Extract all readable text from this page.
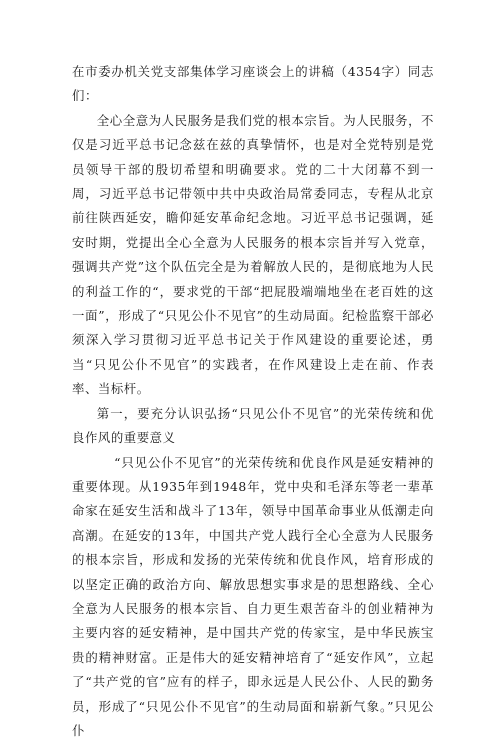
在市委办机关党支部集体学习座谈会上的讲稿（4354字）同志们：

全心全意为人民服务是我们党的根本宗旨。为人民服务，不仅是习近平总书记念兹在兹的真挚情怀，也是对全党特别是党员领导干部的殷切希望和明确要求。党的二十大闭幕不到一周，习近平总书记带领中共中央政治局常委同志，专程从北京前往陕西延安，瞻仰延安革命纪念地。习近平总书记强调，延安时期，党提出全心全意为人民服务的根本宗旨并写入党章，强调共产党”这个队伍完全是为着解放人民的，是彻底地为人民的利益工作的“，要求党的干部“把屁股端端地坐在老百姓的这一面”，形成了“只见公仆不见官”的生动局面。纪检监察干部必须深入学习贯彻习近平总书记关于作风建设的重要论述，勇当“只见公仆不见官”的实践者，在作风建设上走在前、作表率、当标杆。

第一，要充分认识弘扬“只见公仆不见官”的光荣传统和优良作风的重要意义

“只见公仆不见官”的光荣传统和优良作风是延安精神的重要体现。从1935年到1948年，党中央和毛泽东等老一辈革命家在延安生活和战斗了13年，领导中国革命事业从低潮走向高潮。在延安的13年，中国共产党人践行全心全意为人民服务的根本宗旨，形成和发扬的光荣传统和优良作风，培育形成的以坚定正确的政治方向、解放思想实事求是的思想路线、全心全意为人民服务的根本宗旨、自力更生艰苦奋斗的创业精神为主要内容的延安精神，是中国共产党的传家宝，是中华民族宝贵的精神财富。正是伟大的延安精神培育了“延安作风”，立起了“共产党的官”应有的样子，即永远是人民公仆、人民的勤务员，形成了“只见公仆不见官”的生动局面和崭新气象。”只见公仆
